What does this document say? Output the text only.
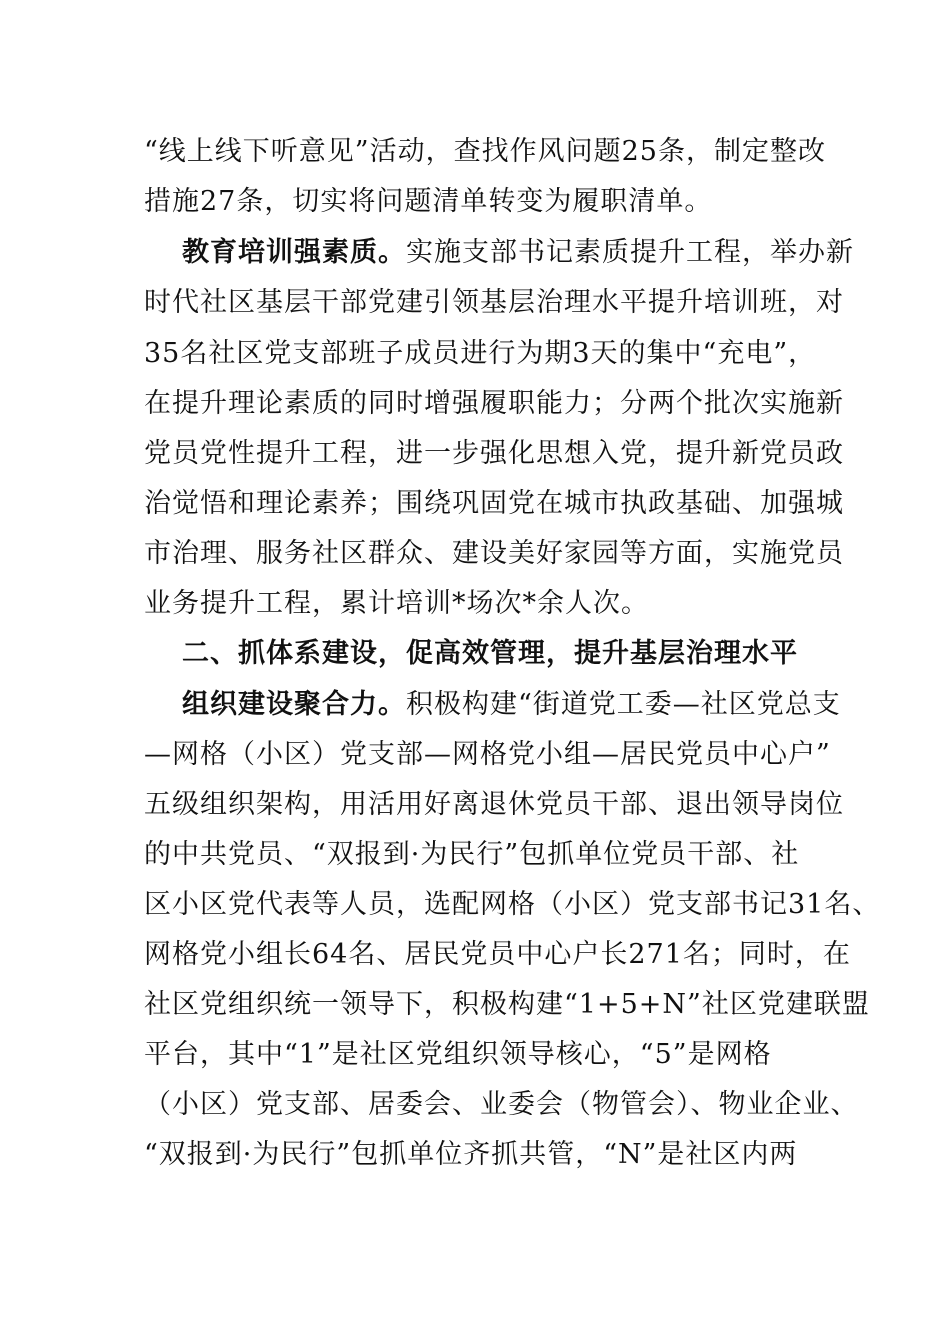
“线上线下听意见”活动，查找作风问题25条，制定整改
措施27条，切实将问题清单转变为履职清单。
教育培训强素质。实施支部书记素质提升工程，举办新
时代社区基层干部党建引领基层治理水平提升培训班，对
35名社区党支部班子成员进行为期3天的集中“充电”，
在提升理论素质的同时增强履职能力；分两个批次实施新
党员党性提升工程，进一步强化思想入党，提升新党员政
治觉悟和理论素养；围绕巩固党在城市执政基础、加强城
市治理、服务社区群众、建设美好家园等方面，实施党员
业务提升工程，累计培训*场次*余人次。
二、抓体系建设，促高效管理，提升基层治理水平
组织建设聚合力。积极构建“街道党工委—社区党总支
—网格（小区）党支部—网格党小组—居民党员中心户”
五级组织架构，用活用好离退休党员干部、退出领导岗位
的中共党员、“双报到·为民行”包抓单位党员干部、社
区小区党代表等人员，选配网格（小区）党支部书记31名、
网格党小组长64名、居民党员中心户长271名；同时，在
社区党组织统一领导下，积极构建“1+5+N”社区党建联盟
平台，其中“1”是社区党组织领导核心，“5”是网格
（小区）党支部、居委会、业委会（物管会）、物业企业、
“双报到·为民行”包抓单位齐抓共管，“N”是社区内两
